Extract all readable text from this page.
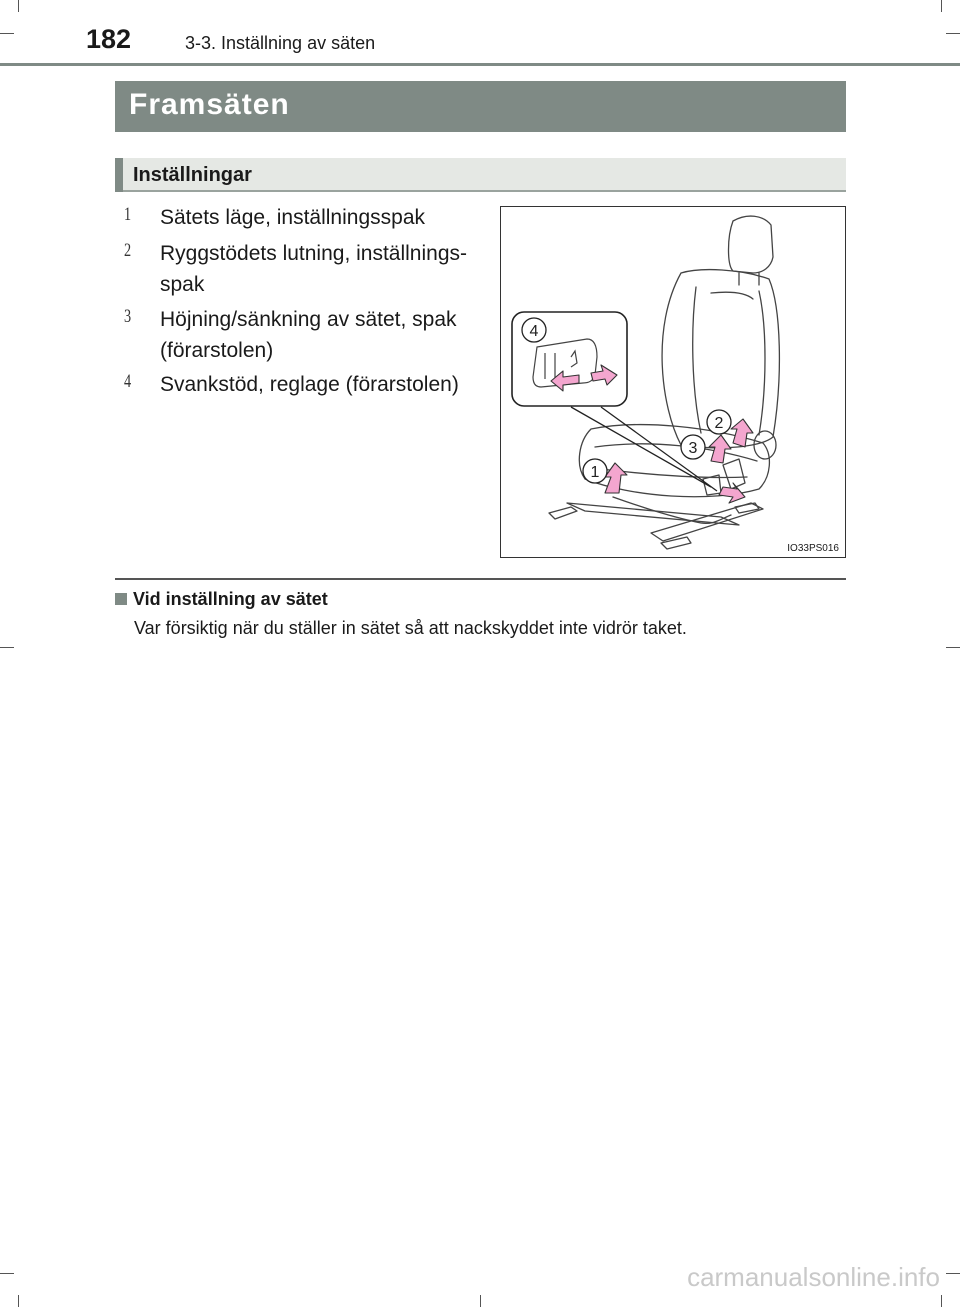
182	3-3. Inställning av säten
Framsäten
Inställningar
1 Sätets läge, inställningsspak
2 Ryggstödets lutning, inställnings-
spak
3 Höjning/sänkning av sätet, spak
(förarstolen)
4 Svankstöd, reglage (förarstolen)
4
1
2
3
IO33PS016
Vid inställning av sätet
Var försiktig när du ställer in sätet så att nackskyddet inte vidrör taket.
carmanualsonline.info
